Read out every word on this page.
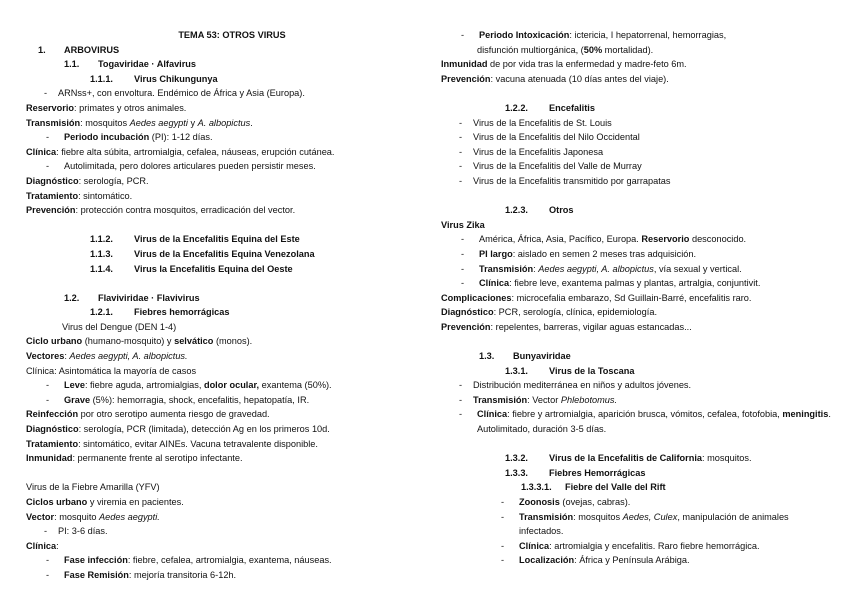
TEMA 53: OTROS VIRUS
1. ARBOVIRUS
1.1. Togaviridae · Alfavirus
1.1.1. Virus Chikungunya
- ARNss+, con envoltura. Endémico de África y Asia (Europa).
Reservorio: primates y otros animales.
Transmisión: mosquitos Aedes aegypti y A. albopictus.
- Periodo incubación (PI): 1-12 días.
Clínica: fiebre alta súbita, artromialgia, cefalea, náuseas, erupción cutánea.
- Autolimitada, pero dolores articulares pueden persistir meses.
Diagnóstico: serología, PCR.
Tratamiento: sintomático.
Prevención: protección contra mosquitos, erradicación del vector.
1.1.2. Virus de la Encefalitis Equina del Este
1.1.3. Virus de la Encefalitis Equina Venezolana
1.1.4. Virus la Encefalitis Equina del Oeste
1.2. Flaviviridae · Flavivirus
1.2.1. Fiebres hemorrágicas
Virus del Dengue (DEN 1-4)
Ciclo urbano (humano-mosquito) y selvático (monos).
Vectores: Aedes aegypti, A. albopictus.
Clínica: Asintomática la mayoría de casos
- Leve: fiebre aguda, artromialgias, dolor ocular, exantema (50%).
- Grave (5%): hemorragia, shock, encefalitis, hepatopatía, IR.
Reinfección por otro serotipo aumenta riesgo de gravedad.
Diagnóstico: serología, PCR (limitada), detección Ag en los primeros 10d.
Tratamiento: sintomático, evitar AINEs. Vacuna tetravalente disponible.
Inmunidad: permanente frente al serotipo infectante.
Virus de la Fiebre Amarilla (YFV)
Ciclos urbano y viremia en pacientes.
Vector: mosquito Aedes aegypti.
- PI: 3-6 días.
Clínica:
- Fase infección: fiebre, cefalea, artromialgia, exantema, náuseas.
- Fase Remisión: mejoría transitoria 6-12h.
- Periodo Intoxicación: ictericia, I hepatorrenal, hemorragias,
disfunción multiorgánica, (50% mortalidad).
Inmunidad de por vida tras la enfermedad y madre-feto 6m.
Prevención: vacuna atenuada (10 días antes del viaje).
1.2.2. Encefalitis
- Virus de la Encefalitis de St. Louis
- Virus de la Encefalitis del Nilo Occidental
- Virus de la Encefalitis Japonesa
- Virus de la Encefalitis del Valle de Murray
- Virus de la Encefalitis transmitido por garrapatas
1.2.3. Otros
Virus Zika
- América, África, Asia, Pacífico, Europa. Reservorio desconocido.
- PI largo: aislado en semen 2 meses tras adquisición.
- Transmisión: Aedes aegypti, A. albopictus, vía sexual y vertical.
- Clínica: fiebre leve, exantema palmas y plantas, artralgia, conjuntivit.
Complicaciones: microcefalia embarazo, Sd Guillain-Barré, encefalitis raro.
Diagnóstico: PCR, serología, clínica, epidemiología.
Prevención: repelentes, barreras, vigilar aguas estancadas...
1.3. Bunyaviridae
1.3.1. Virus de la Toscana
- Distribución mediterránea en niños y adultos jóvenes.
- Transmisión: Vector Phlebotomus.
- Clínica: fiebre y artromialgia, aparición brusca, vómitos, cefalea, fotofobia, meningitis. Autolimitado, duración 3-5 días.
1.3.2. Virus de la Encefalitis de California: mosquitos.
1.3.3. Fiebres Hemorrágicas
1.3.3.1. Fiebre del Valle del Rift
- Zoonosis (ovejas, cabras).
- Transmisión: mosquitos Aedes, Culex, manipulación de animales infectados.
- Clínica: artromialgia y encefalitis. Raro fiebre hemorrágica.
- Localización: África y Península Arábiga.
